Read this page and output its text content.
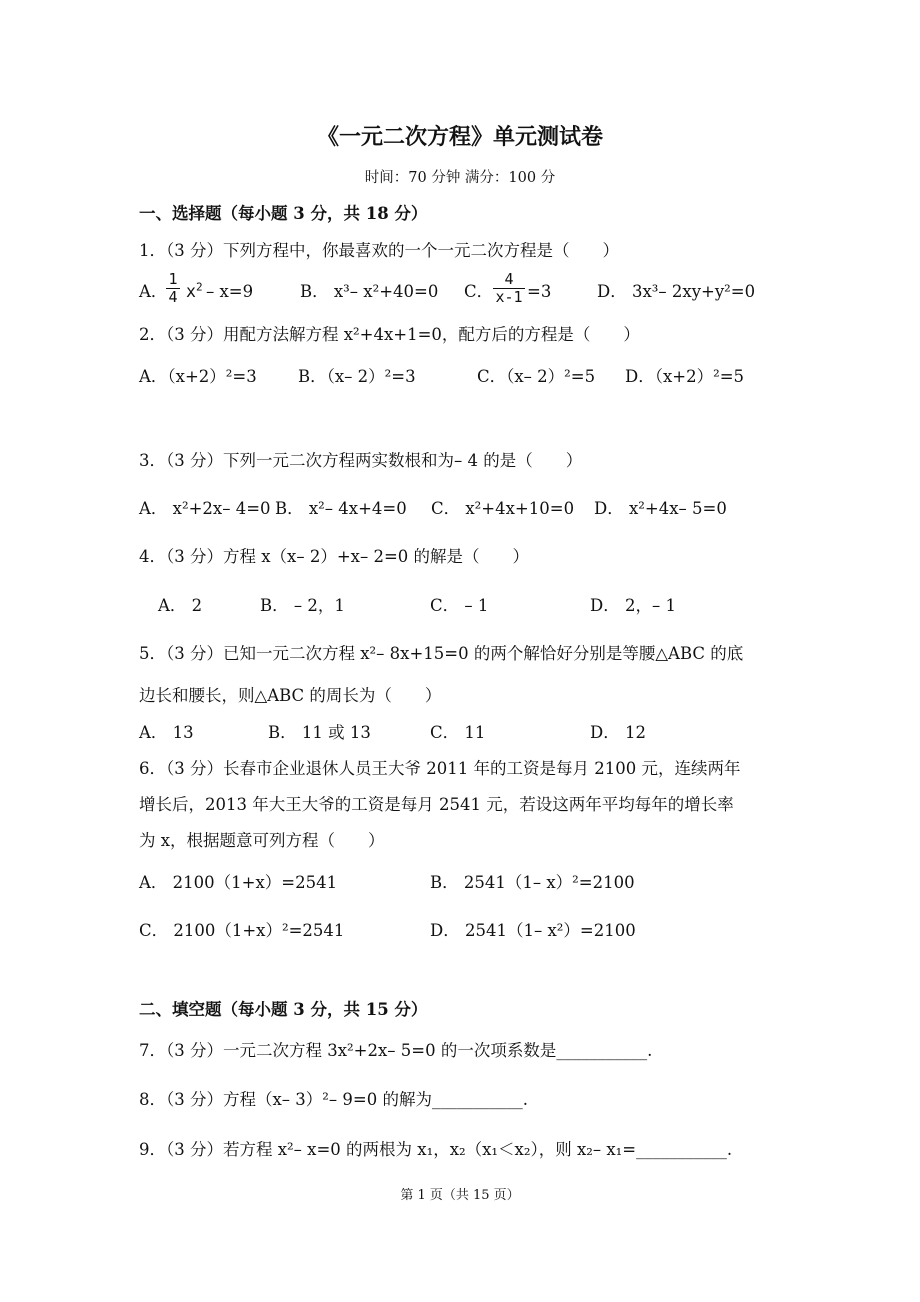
《一元二次方程》单元测试卷
时间：70 分钟 满分：100 分
一、选择题（每小题 3 分，共 18 分）
1．（3 分）下列方程中，你最喜欢的一个一元二次方程是（　　）
A．
1
4 $x^2 - x=9$	B． x³– x²+40=0 C．
4
x-1 =3	D． 3x³– 2xy+y²=0
2．（3 分）用配方法解方程 x²+4x+1=0，配方后的方程是（　　）
A．（x+2）²=3	B．（x– 2）²=3	C．（x– 2）²=5 D．（x+2）²=5
3．（3 分）下列一元二次方程两实数根和为– 4 的是（　　）
A． x²+2x– 4=0 B． x²– 4x+4=0 C． x²+4x+10=0 D． x²+4x– 5=0
4．（3 分）方程 x（x– 2）+x– 2=0 的解是（　　）
A． 2	B． – 2，1	C． – 1	D． 2，– 1
5．（3 分）已知一元二次方程 x²– 8x+15=0 的两个解恰好分别是等腰△ABC 的底
边长和腰长，则△ABC 的周长为（　　）
A． 13	B． 11 或 13	C． 11	D． 12
6．（3 分）长春市企业退休人员王大爷 2011 年的工资是每月 2100 元，连续两年
增长后，2013 年大王大爷的工资是每月 2541 元，若设这两年平均每年的增长率
为 x，根据题意可列方程（　　）
A． 2100（1+x）=2541	B． 2541（1– x）²=2100
C． 2100（1+x）²=2541	D． 2541（1– x²）=2100
二、填空题（每小题 3 分，共 15 分）
7．（3 分）一元二次方程 3x²+2x– 5=0 的一次项系数是___________.
8．（3 分）方程（x– 3）²– 9=0 的解为___________.
9．（3 分）若方程 x²– x=0 的两根为 x₁，x₂（x₁＜x₂），则 x₂– x₁=___________.
第 1 页（共 15 页）
